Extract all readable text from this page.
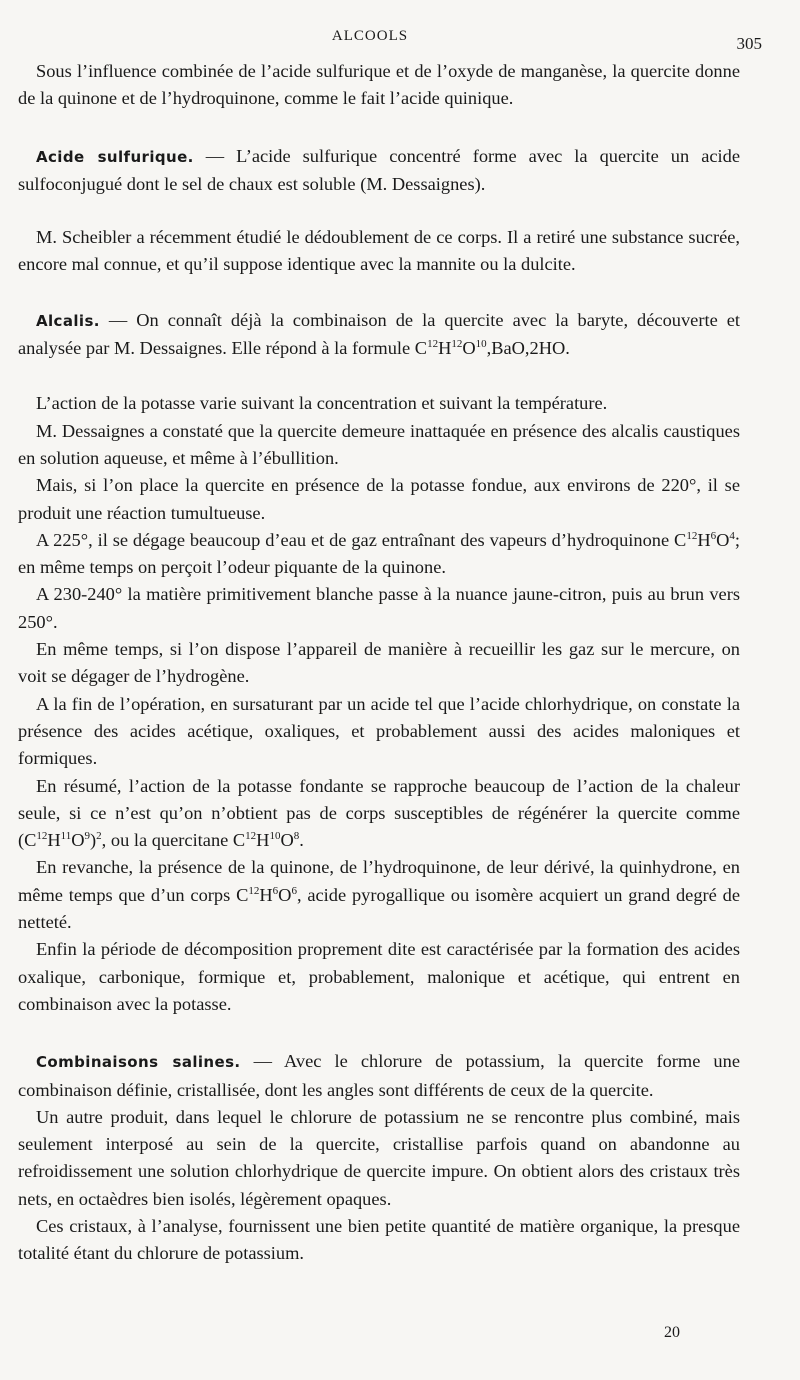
ALCOOLS	305

Sous l’influence combinée de l’acide sulfurique et de l’oxyde de manganèse, la quercite donne de la quinone et de l’hydroquinone, comme le fait l’acide quinique.

Acide sulfurique. — L’acide sulfurique concentré forme avec la quercite un acide sulfoconjugué dont le sel de chaux est soluble (M. Dessaignes).

M. Scheibler a récemment étudié le dédoublement de ce corps. Il a retiré une substance sucrée, encore mal connue, et qu’il suppose identique avec la mannite ou la dulcite.

Alcalis. — On connaît déjà la combinaison de la quercite avec la baryte, découverte et analysée par M. Dessaignes. Elle répond à la formule $C^{12}H^{12}O^{10},BaO,2HO$.

L’action de la potasse varie suivant la concentration et suivant la température.

M. Dessaignes a constaté que la quercite demeure inattaquée en présence des alcalis caustiques en solution aqueuse, et même à l’ébullition.

Mais, si l’on place la quercite en présence de la potasse fondue, aux environs de 220°, il se produit une réaction tumultueuse.

A 225°, il se dégage beaucoup d’eau et de gaz entraînant des vapeurs d’hydroquinone $C^{12}H^6O^4$; en même temps on perçoit l’odeur piquante de la quinone.

A 230-240° la matière primitivement blanche passe à la nuance jaune-citron, puis au brun vers 250°.

En même temps, si l’on dispose l’appareil de manière à recueillir les gaz sur le mercure, on voit se dégager de l’hydrogène.

A la fin de l’opération, en sursaturant par un acide tel que l’acide chlorhydrique, on constate la présence des acides acétique, oxaliques, et probablement aussi des acides maloniques et formiques.

En résumé, l’action de la potasse fondante se rapproche beaucoup de l’action de la chaleur seule, si ce n’est qu’on n’obtient pas de corps susceptibles de régénérer la quercite comme $(C^{12}H^{11}O^9)^2$, ou la quercitane $C^{12}H^{10}O^8$.

En revanche, la présence de la quinone, de l’hydroquinone, de leur dérivé, la quinhydrone, en même temps que d’un corps $C^{12}H^6O^6$, acide pyrogallique ou isomère acquiert un grand degré de netteté.

Enfin la période de décomposition proprement dite est caractérisée par la formation des acides oxalique, carbonique, formique et, probablement, malonique et acétique, qui entrent en combinaison avec la potasse.

Combinaisons salines. — Avec le chlorure de potassium, la quercite forme une combinaison définie, cristallisée, dont les angles sont différents de ceux de la quercite.

Un autre produit, dans lequel le chlorure de potassium ne se rencontre plus combiné, mais seulement interposé au sein de la quercite, cristallise parfois quand on abandonne au refroidissement une solution chlorhydrique de quercite impure. On obtient alors des cristaux très nets, en octaèdres bien isolés, légèrement opaques.

Ces cristaux, à l’analyse, fournissent une bien petite quantité de matière organique, la presque totalité étant du chlorure de potassium.

20
